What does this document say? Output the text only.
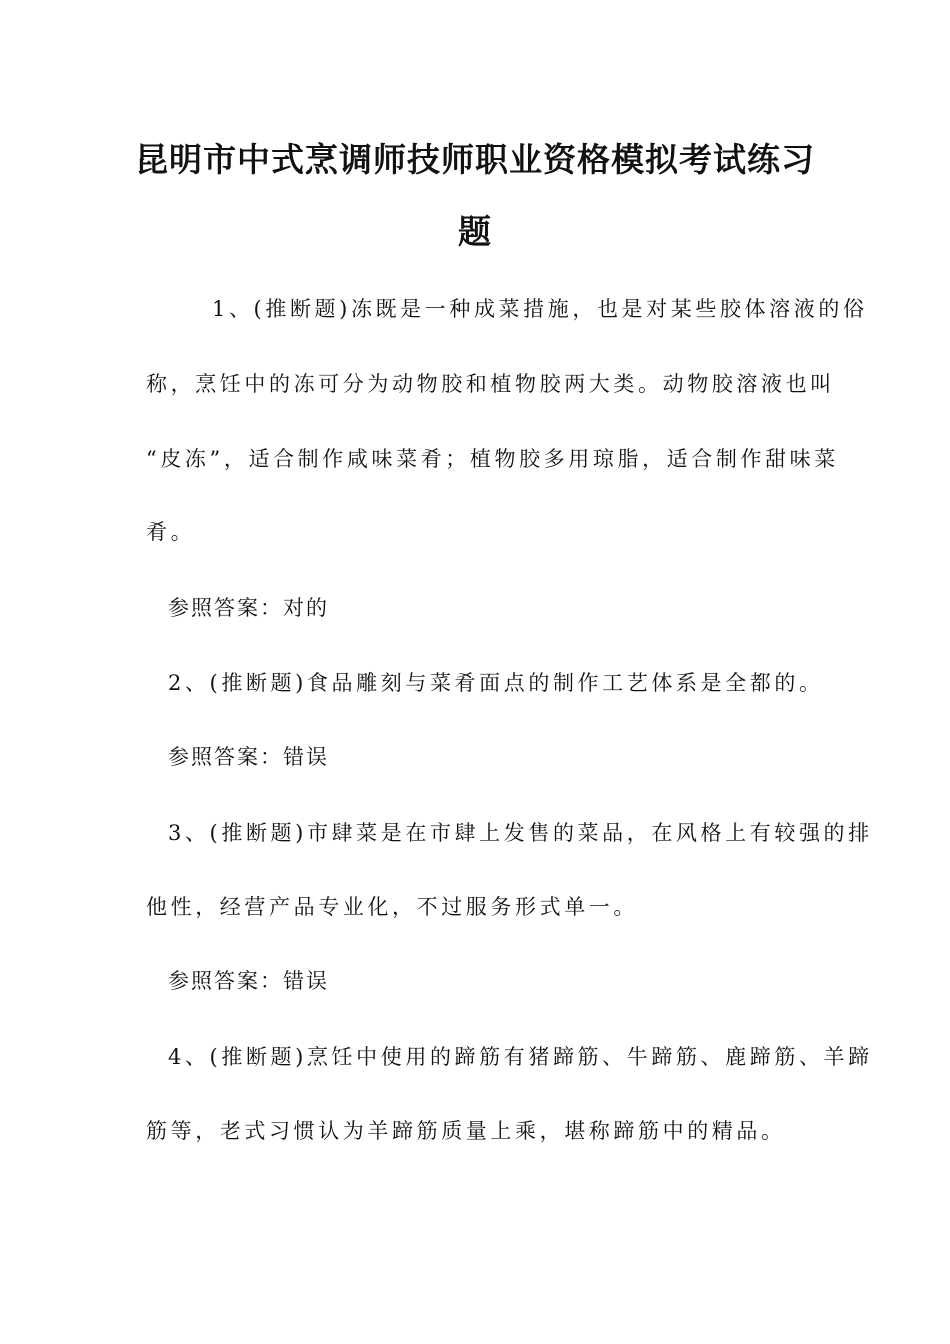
昆明市中式烹调师技师职业资格模拟考试练习
题
1、(推断题)冻既是一种成菜措施，也是对某些胶体溶液的俗
称，烹饪中的冻可分为动物胶和植物胶两大类。动物胶溶液也叫
“皮冻”，适合制作咸味菜肴；植物胶多用琼脂，适合制作甜味菜
肴。
参照答案：对的
2、(推断题)食品雕刻与菜肴面点的制作工艺体系是全都的。
参照答案：错误
3、(推断题)市肆菜是在市肆上发售的菜品，在风格上有较强的排
他性，经营产品专业化，不过服务形式单一。
参照答案：错误
4、(推断题)烹饪中使用的蹄筋有猪蹄筋、牛蹄筋、鹿蹄筋、羊蹄
筋等，老式习惯认为羊蹄筋质量上乘，堪称蹄筋中的精品。
